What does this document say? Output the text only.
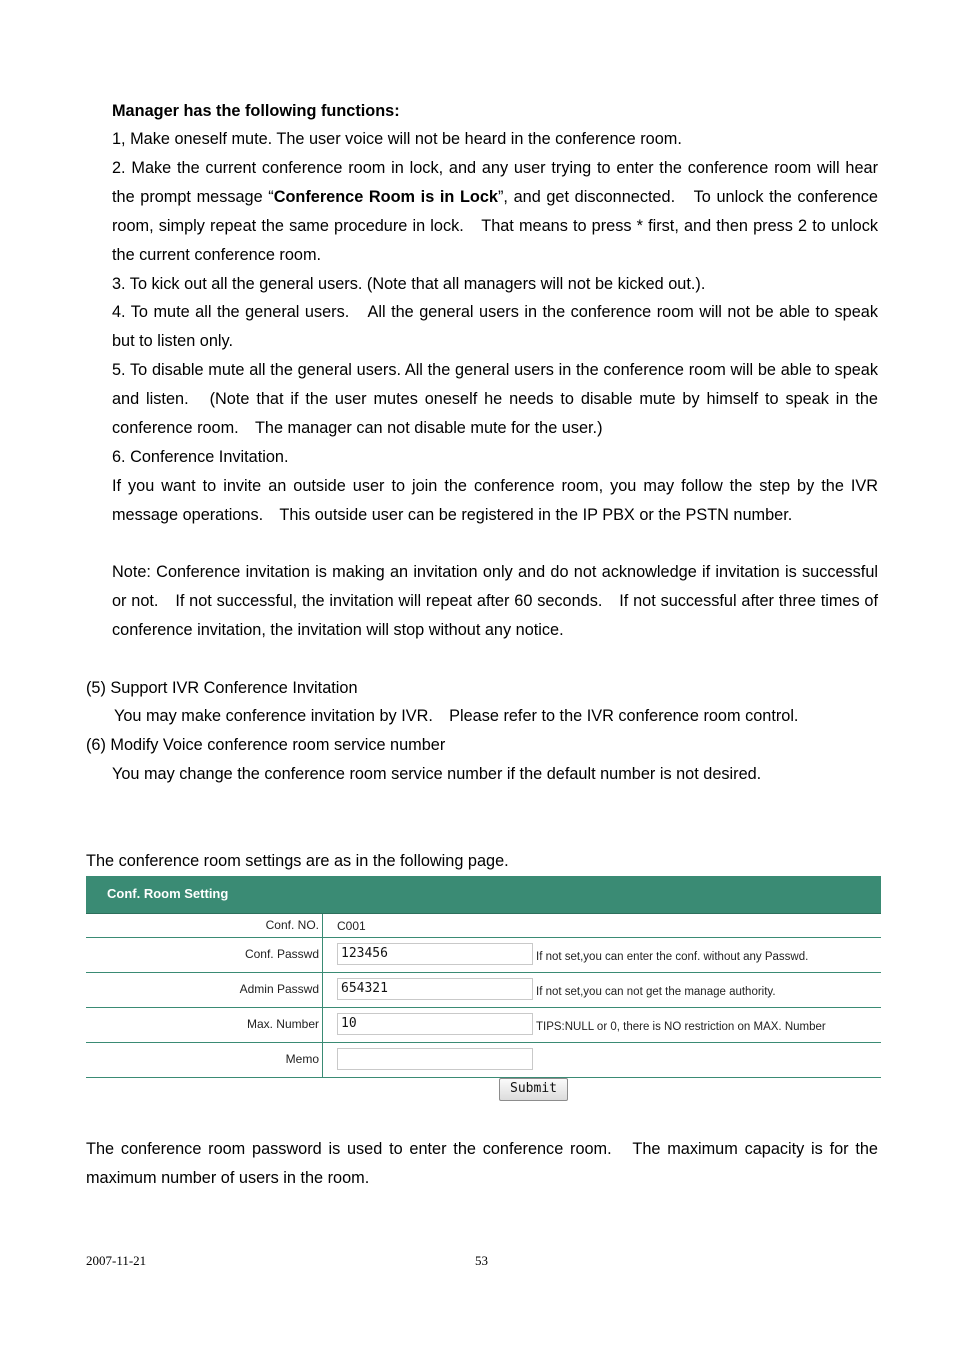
Manager has the following functions:
1, Make oneself mute. The user voice will not be heard in the conference room.
2. Make the current conference room in lock, and any user trying to enter the conference room will hear the prompt message “Conference Room is in Lock”, and get disconnected.　To unlock the conference room, simply repeat the same procedure in lock.　That means to press * first, and then press 2 to unlock the current conference room.
3. To kick out all the general users. (Note that all managers will not be kicked out.).
4. To mute all the general users.　All the general users in the conference room will not be able to speak but to listen only.
5. To disable mute all the general users. All the general users in the conference room will be able to speak and listen.　(Note that if the user mutes oneself he needs to disable mute by himself to speak in the conference room.　The manager can not disable mute for the user.)
6. Conference Invitation.
If you want to invite an outside user to join the conference room, you may follow the step by the IVR message operations.　This outside user can be registered in the IP PBX or the PSTN number.
Note: Conference invitation is making an invitation only and do not acknowledge if invitation is successful or not.　If not successful, the invitation will repeat after 60 seconds.　If not successful after three times of conference invitation, the invitation will stop without any notice.
(5) Support IVR Conference Invitation
You may make conference invitation by IVR.　Please refer to the IVR conference room control.
(6) Modify Voice conference room service number
You may change the conference room service number if the default number is not desired.
The conference room settings are as in the following page.
Conf. Room Setting
Conf. NO.	C001
Conf. Passwd	123456	If not set,you can enter the conf. without any Passwd.
Admin Passwd	654321	If not set,you can not get the manage authority.
Max. Number	10	TIPS:NULL or 0, there is NO restriction on MAX. Number
Memo
Submit
The conference room password is used to enter the conference room.　The maximum capacity is for the maximum number of users in the room.
2007-11-21	53
